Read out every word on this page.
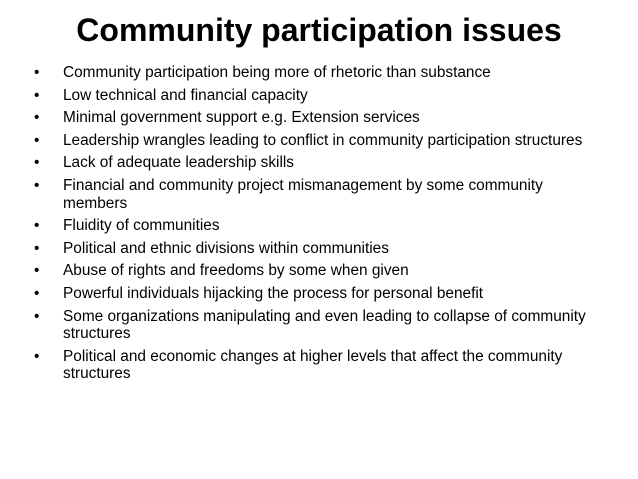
Community participation issues
•	Community participation being more of rhetoric than substance
•	Low technical and financial capacity
•	Minimal government support e.g. Extension services
•	Leadership wrangles leading to conflict in community participation structures
•	Lack of adequate leadership skills
•	Financial and community project mismanagement by some community members
•	Fluidity of communities
•	Political and ethnic divisions within communities
•	Abuse of rights and freedoms by some when given
•	Powerful individuals hijacking the process for personal benefit
•	Some organizations manipulating and even leading to collapse of community structures
•	Political and economic changes at higher levels that affect the community structures
